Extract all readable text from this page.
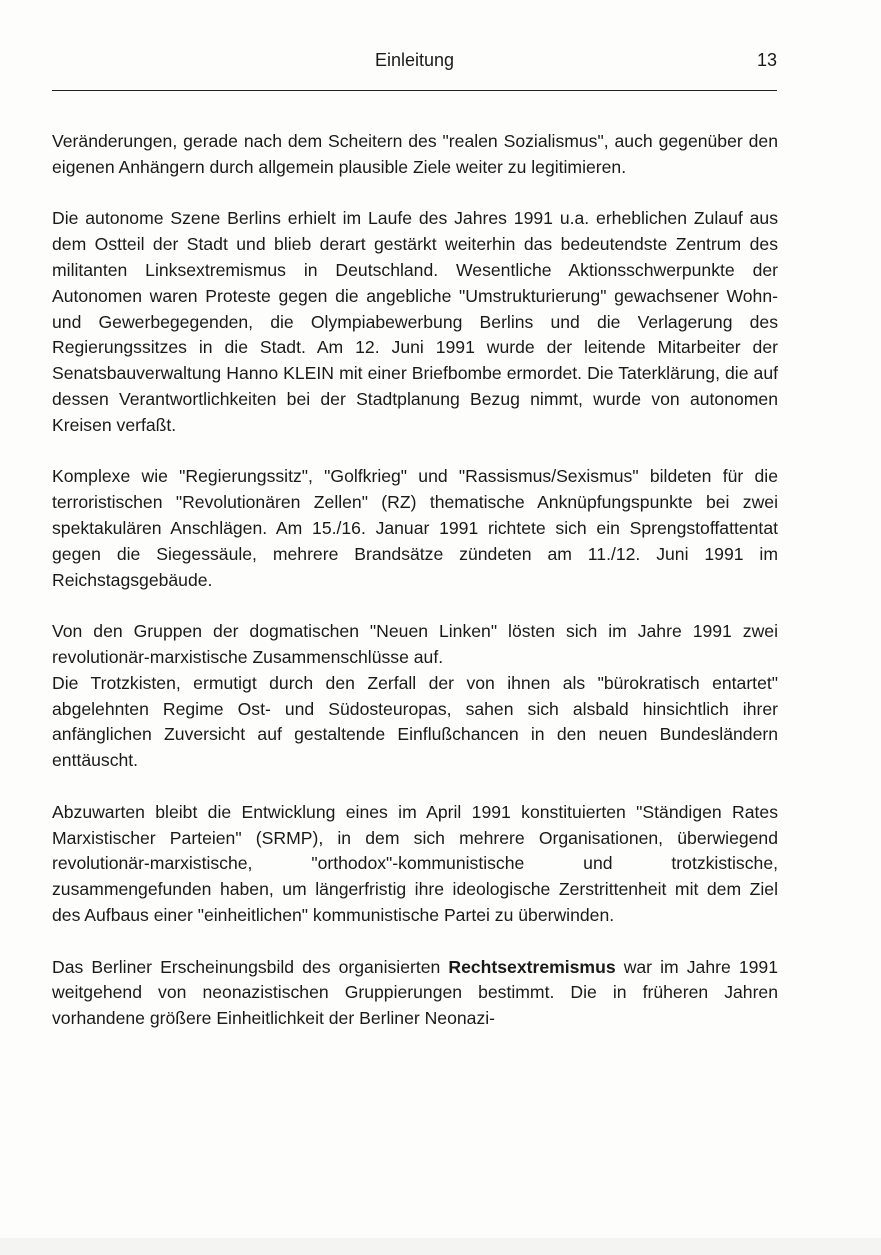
Einleitung	13

Veränderungen, gerade nach dem Scheitern des "realen Sozialismus", auch gegenüber den eigenen Anhängern durch allgemein plausible Ziele weiter zu legitimieren.

Die autonome Szene Berlins erhielt im Laufe des Jahres 1991 u.a. erheblichen Zulauf aus dem Ostteil der Stadt und blieb derart gestärkt weiterhin das bedeutendste Zentrum des militanten Linksextremismus in Deutschland. Wesentliche Aktionsschwerpunkte der Autonomen waren Proteste gegen die angebliche "Umstrukturierung" gewachsener Wohn- und Gewerbegegenden, die Olympiabewerbung Berlins und die Verlagerung des Regierungssitzes in die Stadt. Am 12. Juni 1991 wurde der leitende Mitarbeiter der Senatsbauverwaltung Hanno KLEIN mit einer Briefbombe ermordet. Die Taterklärung, die auf dessen Verantwortlichkeiten bei der Stadtplanung Bezug nimmt, wurde von autonomen Kreisen verfaßt.

Komplexe wie "Regierungssitz", "Golfkrieg" und "Rassismus/Sexismus" bildeten für die terroristischen "Revolutionären Zellen" (RZ) thematische Anknüpfungspunkte bei zwei spektakulären Anschlägen. Am 15./16. Januar 1991 richtete sich ein Sprengstoffattentat gegen die Siegessäule, mehrere Brandsätze zündeten am 11./12. Juni 1991 im Reichstagsgebäude.

Von den Gruppen der dogmatischen "Neuen Linken" lösten sich im Jahre 1991 zwei revolutionär-marxistische Zusammenschlüsse auf.

Die Trotzkisten, ermutigt durch den Zerfall der von ihnen als "bürokratisch entartet" abgelehnten Regime Ost- und Südosteuropas, sahen sich alsbald hinsichtlich ihrer anfänglichen Zuversicht auf gestaltende Einflußchancen in den neuen Bundesländern enttäuscht.

Abzuwarten bleibt die Entwicklung eines im April 1991 konstituierten "Ständigen Rates Marxistischer Parteien" (SRMP), in dem sich mehrere Organisationen, überwiegend revolutionär-marxistische, "orthodox"-kommunistische und trotzkistische, zusammengefunden haben, um längerfristig ihre ideologische Zerstrittenheit mit dem Ziel des Aufbaus einer "einheitlichen" kommunistische Partei zu überwinden.

Das Berliner Erscheinungsbild des organisierten Rechtsextremismus war im Jahre 1991 weitgehend von neonazistischen Gruppierungen bestimmt. Die in früheren Jahren vorhandene größere Einheitlichkeit der Berliner Neonazi-
